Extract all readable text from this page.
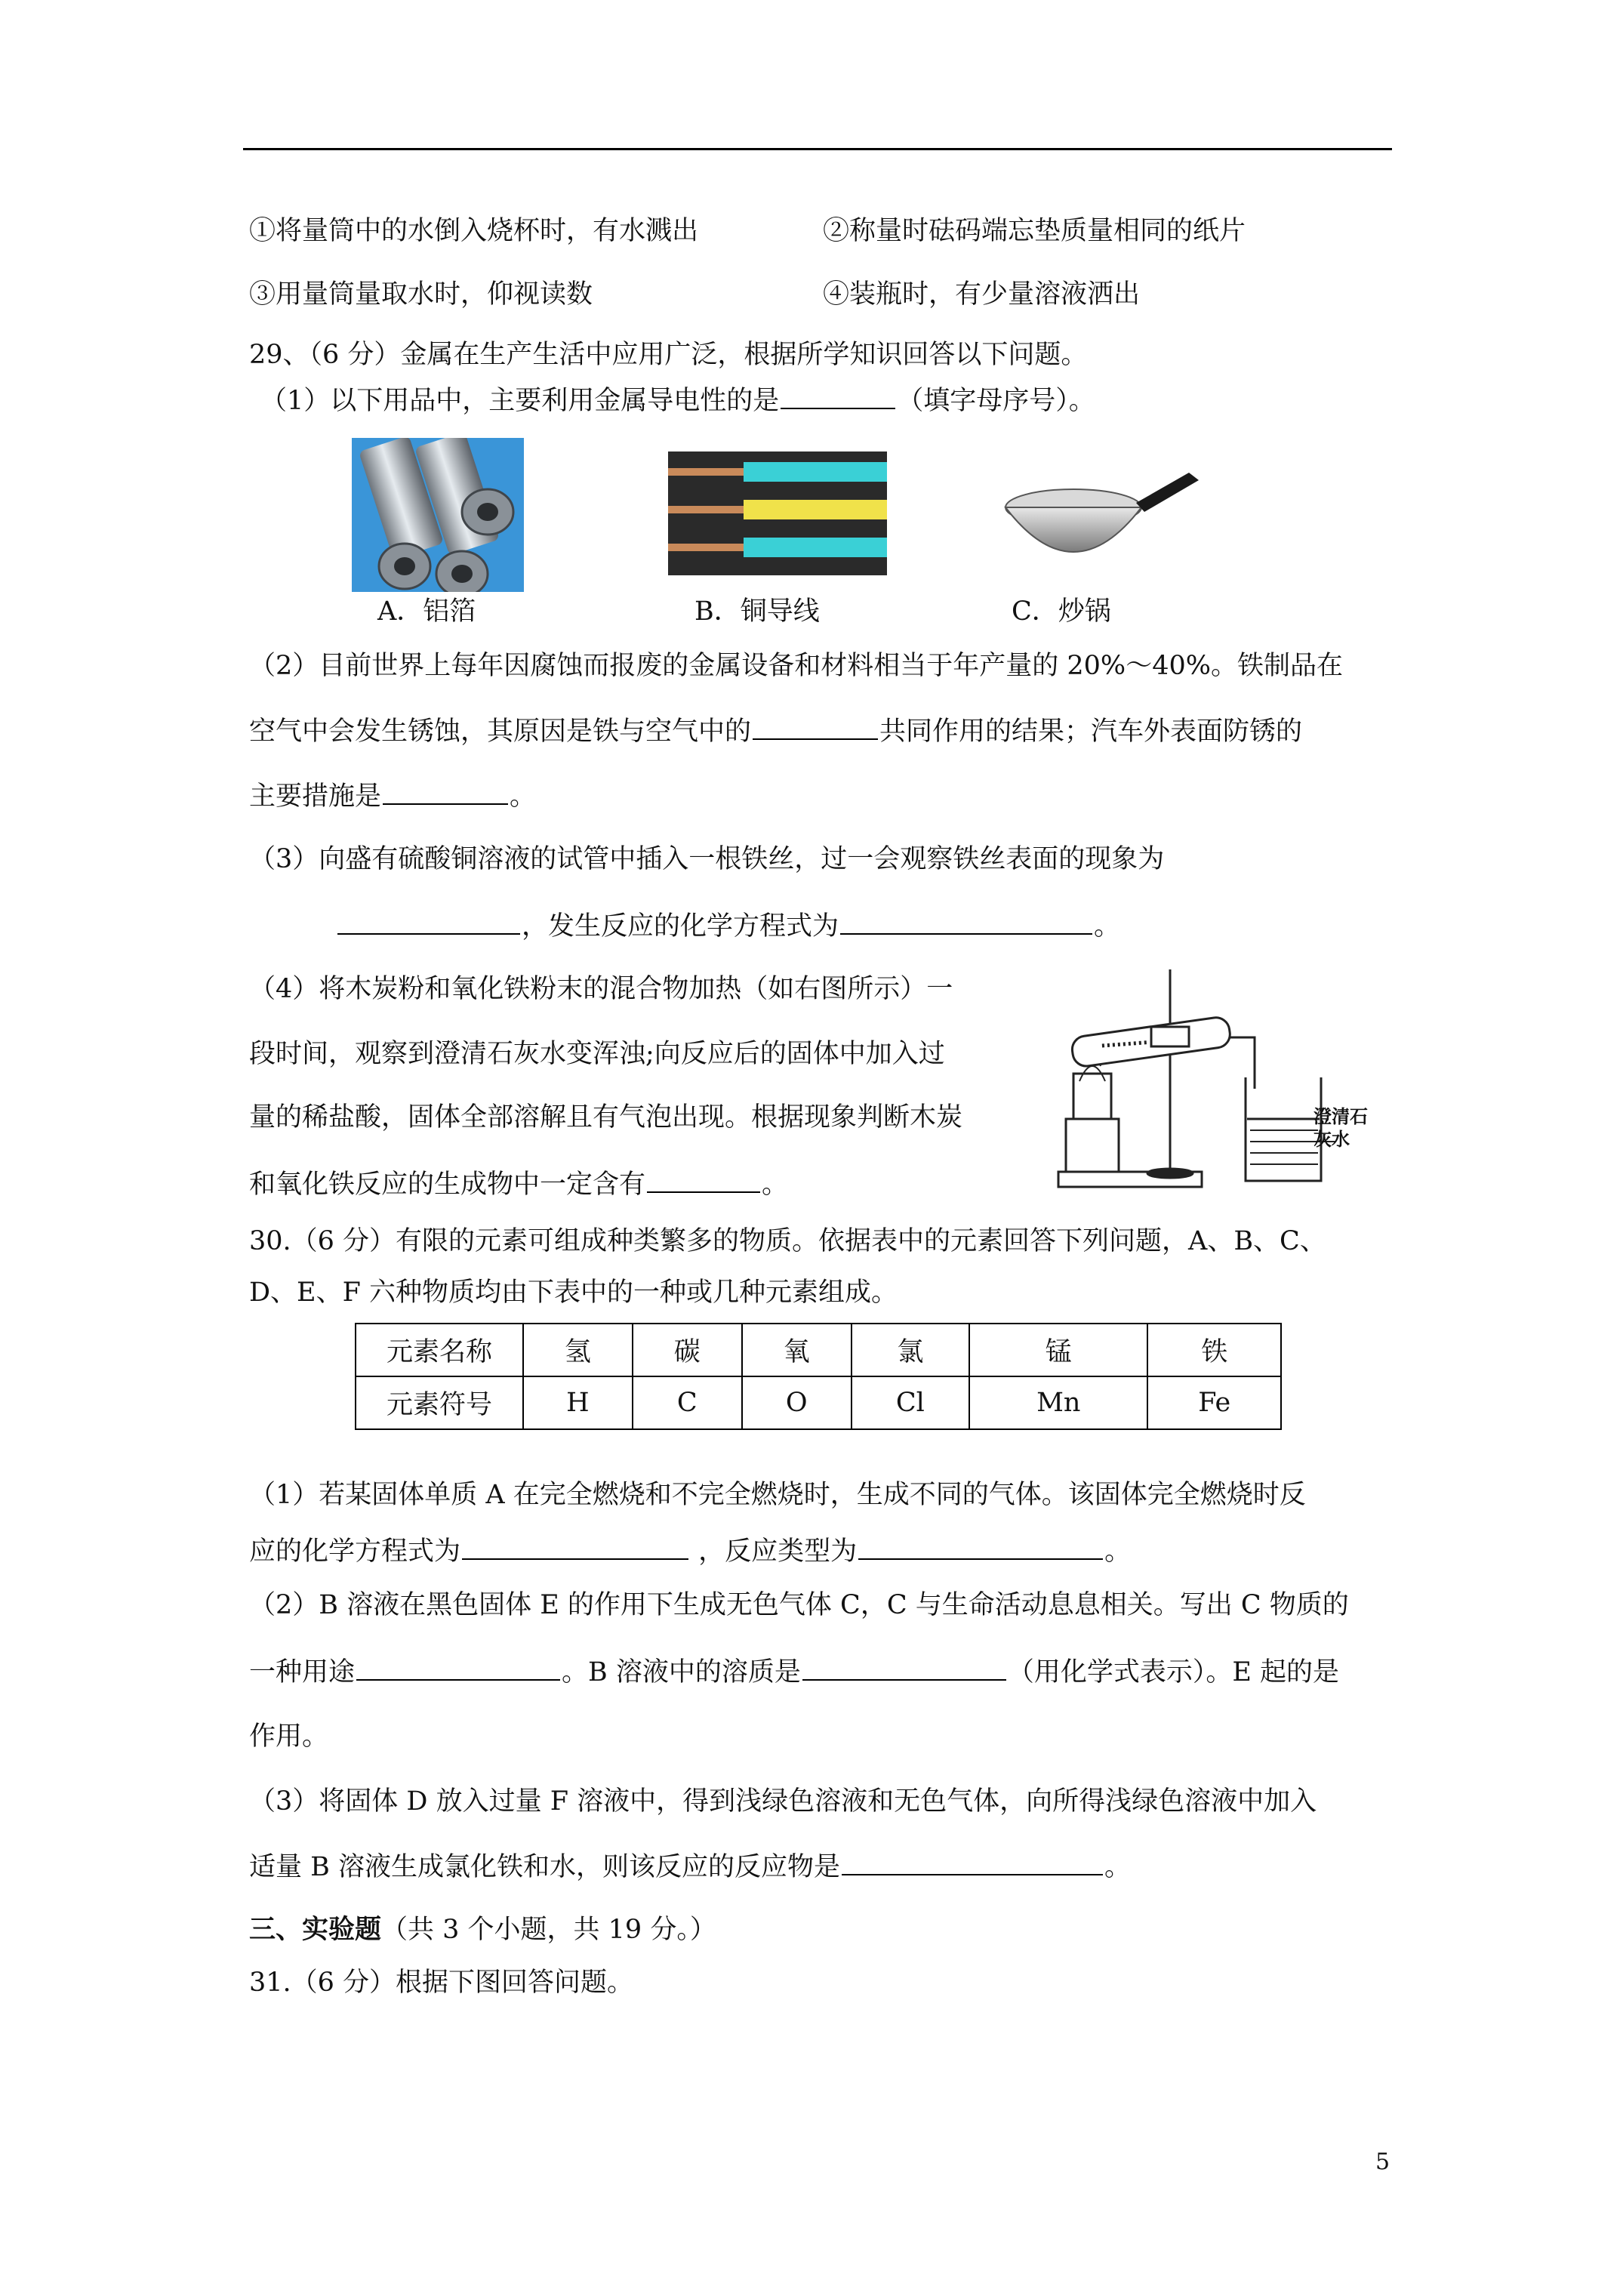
①将量筒中的水倒入烧杯时，有水溅出	②称量时砝码端忘垫质量相同的纸片
③用量筒量取水时，仰视读数	④装瓶时，有少量溶液洒出
29、（6 分）金属在生产生活中应用广泛，根据所学知识回答以下问题。
（1）以下用品中，主要利用金属导电性的是	（填字母序号）。
A．铝箔	B．铜导线	C．炒锅
（2）目前世界上每年因腐蚀而报废的金属设备和材料相当于年产量的 20%～40%。铁制品在
空气中会发生锈蚀，其原因是铁与空气中的	共同作用的结果；汽车外表面防锈的
主要措施是	。
（3）向盛有硫酸铜溶液的试管中插入一根铁丝，过一会观察铁丝表面的现象为
，发生反应的化学方程式为	。
（4）将木炭粉和氧化铁粉末的混合物加热（如右图所示）一
段时间，观察到澄清石灰水变浑浊;向反应后的固体中加入过
量的稀盐酸，固体全部溶解且有气泡出现。根据现象判断木炭
和氧化铁反应的生成物中一定含有	。
澄清石灰水
30.（6 分）有限的元素可组成种类繁多的物质。依据表中的元素回答下列问题，A、B、C、
D、E、F 六种物质均由下表中的一种或几种元素组成。
元素名称	氢	碳	氧	氯	锰	铁
元素符号	H	C	O	Cl	Mn	Fe
（1）若某固体单质 A 在完全燃烧和不完全燃烧时，生成不同的气体。该固体完全燃烧时反
应的化学方程式为	，反应类型为	。
（2）B 溶液在黑色固体 E 的作用下生成无色气体 C，C 与生命活动息息相关。写出 C 物质的
一种用途	。B 溶液中的溶质是	（用化学式表示）。E 起的是
作用。
（3）将固体 D 放入过量 F 溶液中，得到浅绿色溶液和无色气体，向所得浅绿色溶液中加入
适量 B 溶液生成氯化铁和水，则该反应的反应物是	。
三、实验题（共 3 个小题，共 19 分。）
31.（6 分）根据下图回答问题。
5
